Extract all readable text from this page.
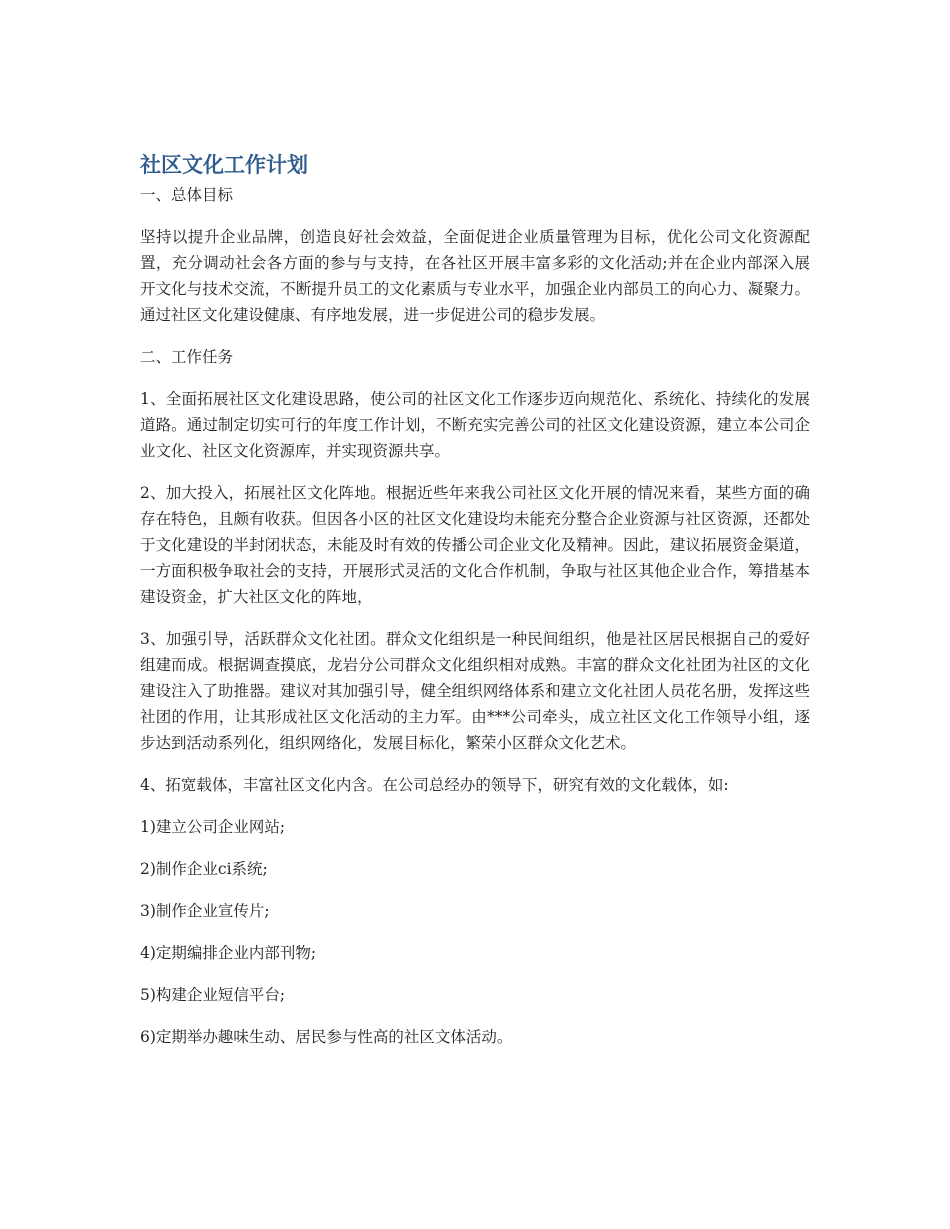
社区文化工作计划

一、总体目标

坚持以提升企业品牌，创造良好社会效益，全面促进企业质量管理为目标，优化公司文化资源配置，充分调动社会各方面的参与与支持，在各社区开展丰富多彩的文化活动;并在企业内部深入展开文化与技术交流，不断提升员工的文化素质与专业水平，加强企业内部员工的向心力、凝聚力。通过社区文化建设健康、有序地发展，进一步促进公司的稳步发展。

二、工作任务

1、全面拓展社区文化建设思路，使公司的社区文化工作逐步迈向规范化、系统化、持续化的发展道路。通过制定切实可行的年度工作计划，不断充实完善公司的社区文化建设资源，建立本公司企业文化、社区文化资源库，并实现资源共享。

2、加大投入，拓展社区文化阵地。根据近些年来我公司社区文化开展的情况来看，某些方面的确存在特色，且颇有收获。但因各小区的社区文化建设均未能充分整合企业资源与社区资源，还都处于文化建设的半封闭状态，未能及时有效的传播公司企业文化及精神。因此，建议拓展资金渠道，一方面积极争取社会的支持，开展形式灵活的文化合作机制，争取与社区其他企业合作，筹措基本建设资金，扩大社区文化的阵地，

3、加强引导，活跃群众文化社团。群众文化组织是一种民间组织，他是社区居民根据自己的爱好组建而成。根据调查摸底，龙岩分公司群众文化组织相对成熟。丰富的群众文化社团为社区的文化建设注入了助推器。建议对其加强引导，健全组织网络体系和建立文化社团人员花名册，发挥这些社团的作用，让其形成社区文化活动的主力军。由***公司牵头，成立社区文化工作领导小组，逐步达到活动系列化，组织网络化，发展目标化，繁荣小区群众文化艺术。

4、拓宽载体，丰富社区文化内含。在公司总经办的领导下，研究有效的文化载体，如:

1)建立公司企业网站;

2)制作企业ci系统;

3)制作企业宣传片;

4)定期编排企业内部刊物;

5)构建企业短信平台;

6)定期举办趣味生动、居民参与性高的社区文体活动。
